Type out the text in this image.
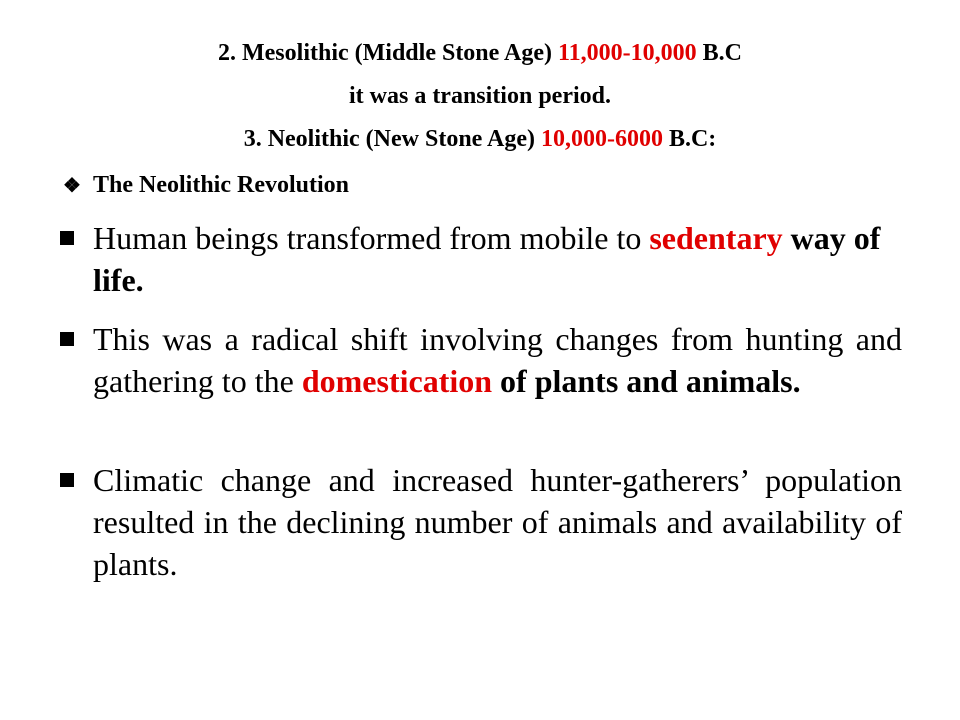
2. Mesolithic (Middle Stone Age) 11,000-10,000 B.C
it was a transition period.
3. Neolithic (New Stone Age) 10,000-6000 B.C:
❖ The Neolithic Revolution
Human beings transformed from mobile to sedentary way of life.
This was a radical shift involving changes from hunting and gathering to the domestication of plants and animals.
Climatic change and increased hunter-gatherers’ population resulted in the declining number of animals and availability of plants.
